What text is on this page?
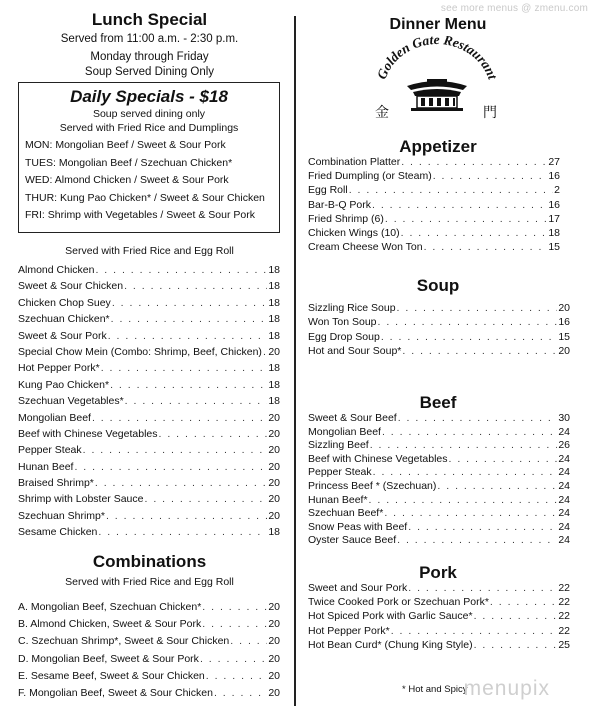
see more menus @ zmenu.com
Lunch Special
Served from 11:00 a.m. - 2:30 p.m.
Monday through Friday
Soup Served Dining Only
Daily Specials - $18
Soup served dining only
Served with Fried Rice and Dumplings
MON: Mongolian Beef / Sweet & Sour Pork
TUES: Mongolian Beef / Szechuan Chicken*
WED: Almond Chicken / Sweet & Sour Pork
THUR: Kung Pao Chicken* / Sweet & Sour Chicken
FRI: Shrimp with Vegetables / Sweet & Sour Pork
Served with Fried Rice and Egg Roll
Almond Chicken . . .	18
Sweet & Sour Chicken . . .	18
Chicken Chop Suey . . .	18
Szechuan Chicken* . . .	18
Sweet & Sour Pork . . .	18
Special Chow Mein (Combo: Shrimp, Beef, Chicken) . . . 20
Hot Pepper Pork* . . .	18
Kung Pao Chicken* . . .	18
Szechuan Vegetables* . . .	18
Mongolian Beef . . .	20
Beef with Chinese Vegetables . . .	20
Pepper Steak . . .	20
Hunan Beef . . .	20
Braised Shrimp* . . .	20
Shrimp with Lobster Sauce . . .	20
Szechuan Shrimp* . . .	20
Sesame Chicken . . .	18
Combinations
Served with Fried Rice and Egg Roll
A. Mongolian Beef, Szechuan Chicken* . . .	20
B. Almond Chicken, Sweet & Sour Pork . . .	20
C. Szechuan Shrimp*, Sweet & Sour Chicken . . .	20
D. Mongolian Beef, Sweet & Sour Pork . . .	20
E. Sesame Beef, Sweet & Sour Chicken . . .	20
F. Mongolian Beef, Sweet & Sour Chicken . . .	20
Dinner Menu
Golden Gate Restaurant
金	門
Appetizer
Combination Platter . . .	27
Fried Dumpling (or Steam) . . .	16
Egg Roll . . .	2
Bar-B-Q Pork . . .	16
Fried Shrimp (6) . . .	17
Chicken Wings (10) . . .	18
Cream Cheese Won Ton . . .	15
Soup
Sizzling Rice Soup . . .	20
Won Ton Soup . . .	16
Egg Drop Soup . . .	15
Hot and Sour Soup* . . .	20
Beef
Sweet & Sour Beef . . .	30
Mongolian Beef . . .	24
Sizzling Beef . . .	26
Beef with Chinese Vegetables . . .	24
Pepper Steak . . .	24
Princess Beef * (Szechuan) . . .	24
Hunan Beef* . . .	24
Szechuan Beef* . . .	24
Snow Peas with Beef . . .	24
Oyster Sauce Beef . . .	24
Pork
Sweet and Sour Pork . . .	22
Twice Cooked Pork or Szechuan Pork* . . .	22
Hot Spiced Pork with Garlic Sauce* . . .	22
Hot Pepper Pork* . . .	22
Hot Bean Curd* (Chung King Style) . . .	25
* Hot and Spicy
menupix
